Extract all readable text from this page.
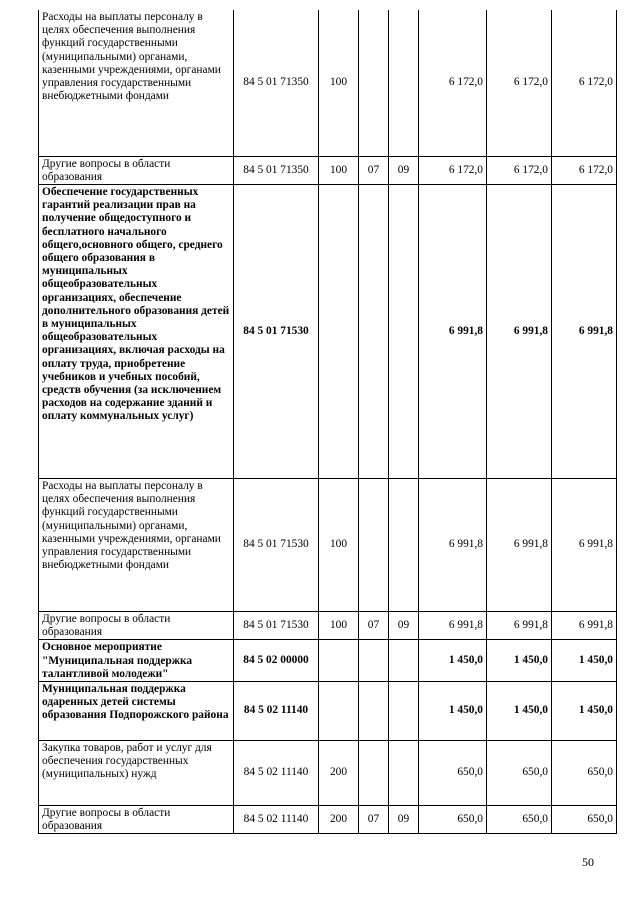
Расходы на выплаты персоналу в целях обеспечения выполнения функций государственными (муниципальными) органами, казенными учреждениями, органами управления государственными внебюджетными фондами	84 5 01 71350	100			6 172,0	6 172,0	6 172,0
Другие вопросы в области образования	84 5 01 71350	100	07	09	6 172,0	6 172,0	6 172,0
Обеспечение государственных гарантий реализации прав на получение общедоступного и бесплатного начального общего,основного общего, среднего общего образования в муниципальных общеобразовательных организациях, обеспечение дополнительного образования детей в муниципальных общеобразовательных организациях, включая расходы на оплату труда, приобретение учебников и учебных пособий, средств обучения (за исключением расходов на содержание зданий и оплату коммунальных услуг)	84 5 01 71530				6 991,8	6 991,8	6 991,8
Расходы на выплаты персоналу в целях обеспечения выполнения функций государственными (муниципальными) органами, казенными учреждениями, органами управления государственными внебюджетными фондами	84 5 01 71530	100			6 991,8	6 991,8	6 991,8
Другие вопросы в области образования	84 5 01 71530	100	07	09	6 991,8	6 991,8	6 991,8
Основное мероприятие "Муниципальная поддержка талантливой молодежи"	84 5 02 00000				1 450,0	1 450,0	1 450,0
Муниципальная поддержка одаренных детей системы образования Подпорожского района	84 5 02 11140				1 450,0	1 450,0	1 450,0
Закупка товаров, работ и услуг для обеспечения государственных (муниципальных) нужд	84 5 02 11140	200			650,0	650,0	650,0
Другие вопросы в области образования	84 5 02 11140	200	07	09	650,0	650,0	650,0
50
